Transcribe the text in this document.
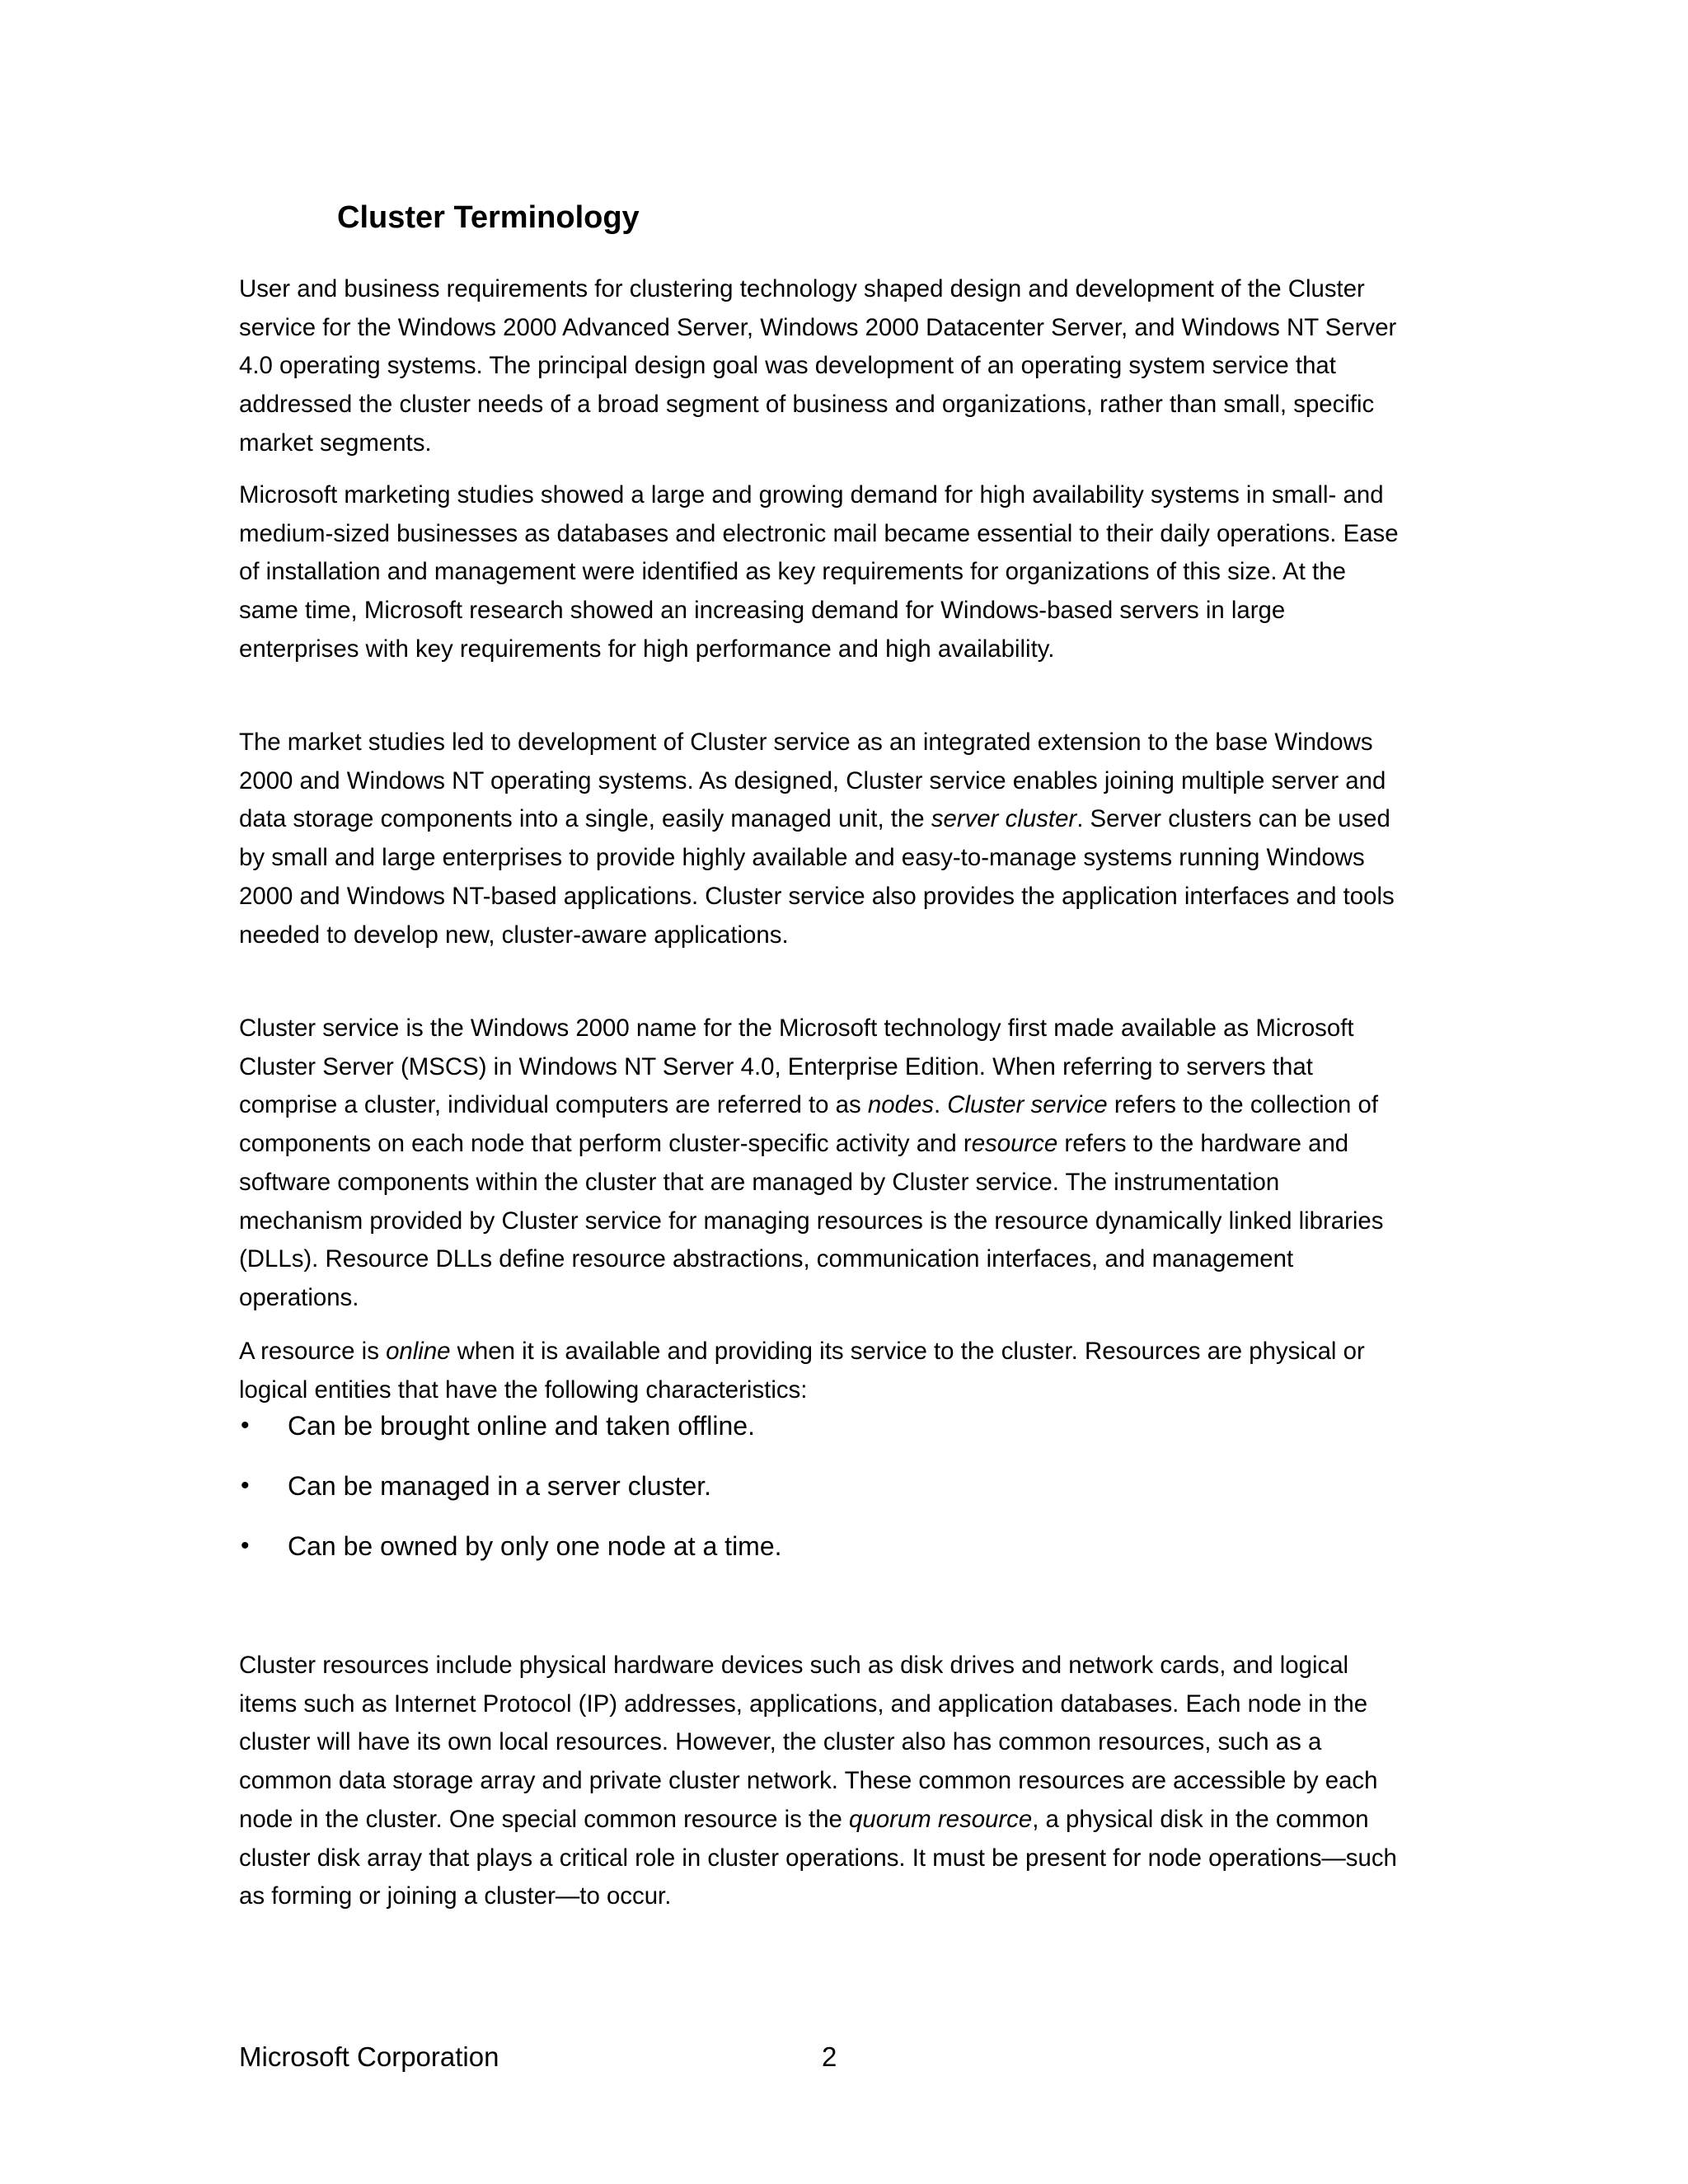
Cluster Terminology

User and business requirements for clustering technology shaped design and development of the Cluster service for the Windows 2000 Advanced Server, Windows 2000 Datacenter Server, and Windows NT Server 4.0 operating systems. The principal design goal was development of an operating system service that addressed the cluster needs of a broad segment of business and organizations, rather than small, specific market segments.

Microsoft marketing studies showed a large and growing demand for high availability systems in small- and medium-sized businesses as databases and electronic mail became essential to their daily operations. Ease of installation and management were identified as key requirements for organizations of this size. At the same time, Microsoft research showed an increasing demand for Windows-based servers in large enterprises with key requirements for high performance and high availability.

The market studies led to development of Cluster service as an integrated extension to the base Windows 2000 and Windows NT operating systems. As designed, Cluster service enables joining multiple server and data storage components into a single, easily managed unit, the server cluster. Server clusters can be used by small and large enterprises to provide highly available and easy-to-manage systems running Windows 2000 and Windows NT-based applications. Cluster service also provides the application interfaces and tools needed to develop new, cluster-aware applications.

Cluster service is the Windows 2000 name for the Microsoft technology first made available as Microsoft Cluster Server (MSCS) in Windows NT Server 4.0, Enterprise Edition. When referring to servers that comprise a cluster, individual computers are referred to as nodes. Cluster service refers to the collection of components on each node that perform cluster-specific activity and resource refers to the hardware and software components within the cluster that are managed by Cluster service. The instrumentation mechanism provided by Cluster service for managing resources is the resource dynamically linked libraries (DLLs). Resource DLLs define resource abstractions, communication interfaces, and management operations.

A resource is online when it is available and providing its service to the cluster. Resources are physical or logical entities that have the following characteristics:

• Can be brought online and taken offline.
• Can be managed in a server cluster.
• Can be owned by only one node at a time.

Cluster resources include physical hardware devices such as disk drives and network cards, and logical items such as Internet Protocol (IP) addresses, applications, and application databases. Each node in the cluster will have its own local resources. However, the cluster also has common resources, such as a common data storage array and private cluster network. These common resources are accessible by each node in the cluster. One special common resource is the quorum resource, a physical disk in the common cluster disk array that plays a critical role in cluster operations. It must be present for node operations—such as forming or joining a cluster—to occur.

Microsoft Corporation	2
